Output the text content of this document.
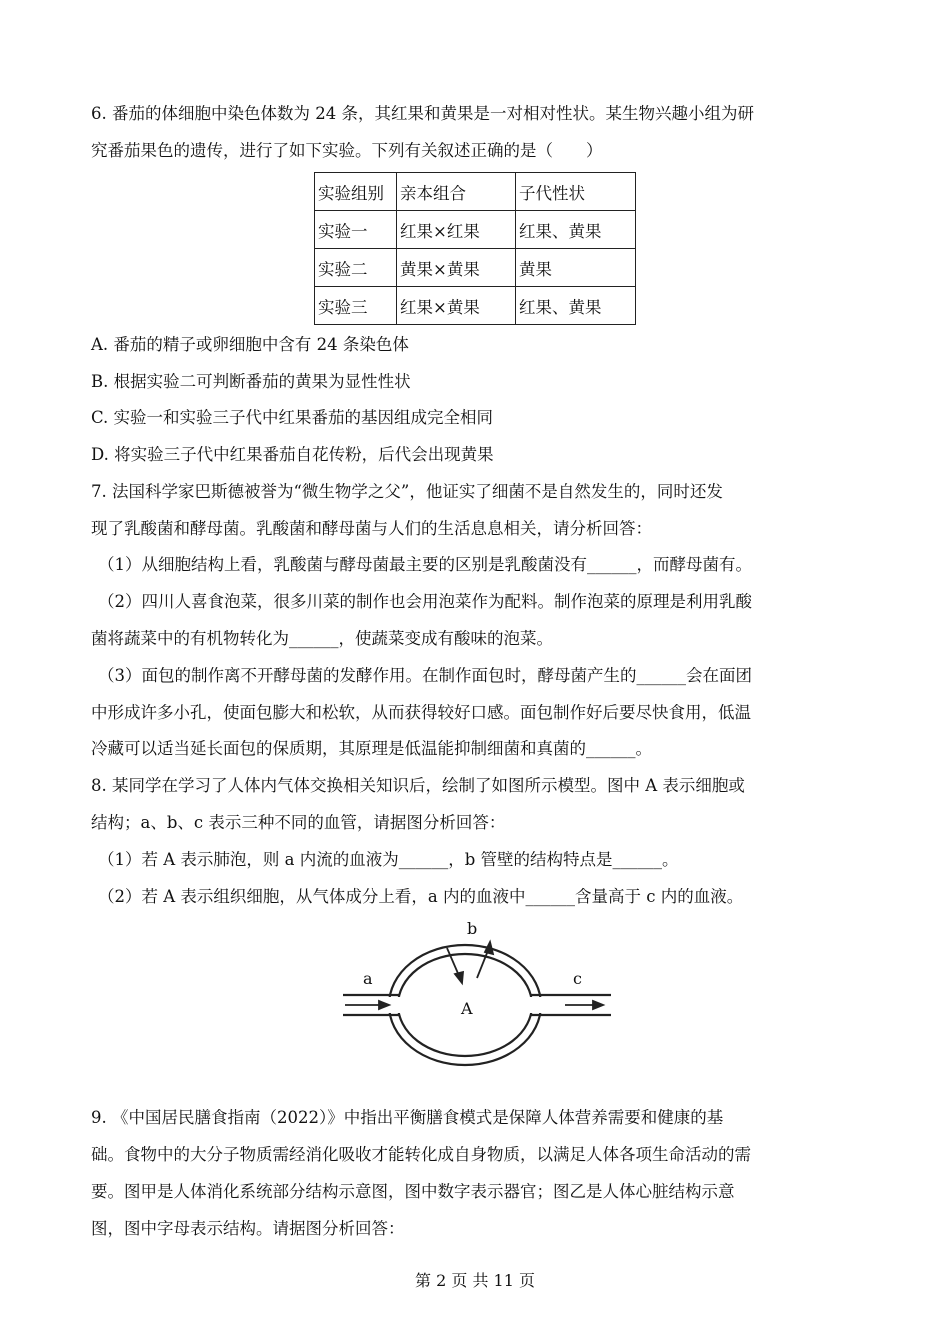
6. 番茄的体细胞中染色体数为 24 条，其红果和黄果是一对相对性状。某生物兴趣小组为研
究番茄果色的遗传，进行了如下实验。下列有关叙述正确的是（　　）
实验组别	亲本组合	子代性状
实验一	红果×红果	红果、黄果
实验二	黄果×黄果	黄果
实验三	红果×黄果	红果、黄果
A. 番茄的精子或卵细胞中含有 24 条染色体
B. 根据实验二可判断番茄的黄果为显性性状
C. 实验一和实验三子代中红果番茄的基因组成完全相同
D. 将实验三子代中红果番茄自花传粉，后代会出现黄果
7. 法国科学家巴斯德被誉为“微生物学之父”，他证实了细菌不是自然发生的，同时还发
现了乳酸菌和酵母菌。乳酸菌和酵母菌与人们的生活息息相关，请分析回答：
（1）从细胞结构上看，乳酸菌与酵母菌最主要的区别是乳酸菌没有______，而酵母菌有。
（2）四川人喜食泡菜，很多川菜的制作也会用泡菜作为配料。制作泡菜的原理是利用乳酸
菌将蔬菜中的有机物转化为______，使蔬菜变成有酸味的泡菜。
（3）面包的制作离不开酵母菌的发酵作用。在制作面包时，酵母菌产生的______会在面团
中形成许多小孔，使面包膨大和松软，从而获得较好口感。面包制作好后要尽快食用，低温
冷藏可以适当延长面包的保质期，其原理是低温能抑制细菌和真菌的______。
8. 某同学在学习了人体内气体交换相关知识后，绘制了如图所示模型。图中 A 表示细胞或
结构；a、b、c 表示三种不同的血管，请据图分析回答：
（1）若 A 表示肺泡，则 a 内流的血液为______，b 管壁的结构特点是______。
（2）若 A 表示组织细胞，从气体成分上看，a 内的血液中______含量高于 c 内的血液。
a
b
c
A
9. 《中国居民膳食指南（2022）》中指出平衡膳食模式是保障人体营养需要和健康的基
础。食物中的大分子物质需经消化吸收才能转化成自身物质，以满足人体各项生命活动的需
要。图甲是人体消化系统部分结构示意图，图中数字表示器官；图乙是人体心脏结构示意
图，图中字母表示结构。请据图分析回答：
第 2 页 共 11 页
